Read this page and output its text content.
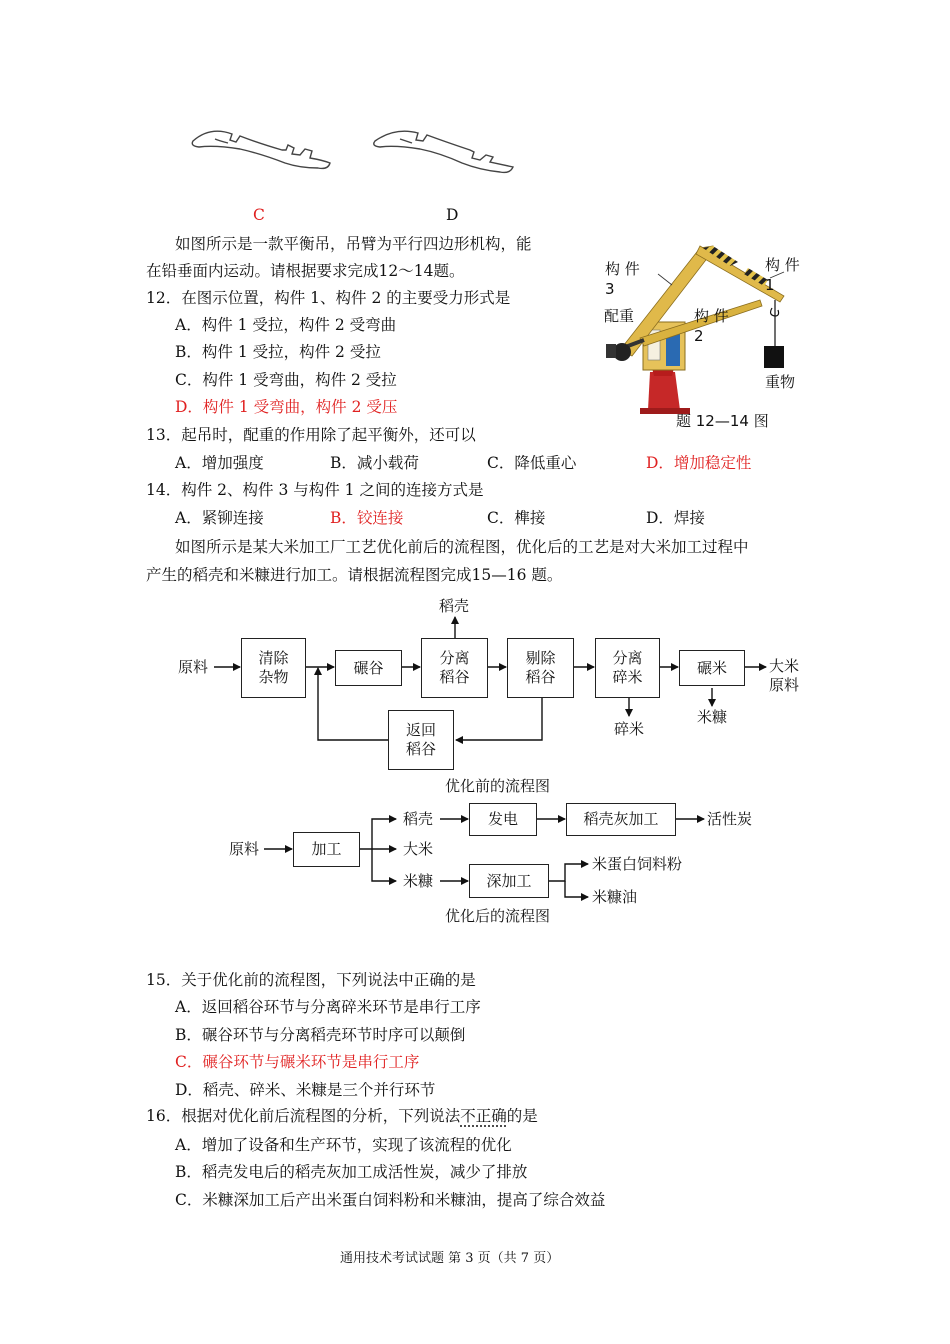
C	D
如图所示是一款平衡吊，吊臂为平行四边形机构，能
在铅垂面内运动。请根据要求完成12～14题。
12．在图示位置，构件 1、构件 2 的主要受力形式是
A．构件 1 受拉，构件 2 受弯曲
B．构件 1 受拉，构件 2 受拉
C．构件 1 受弯曲，构件 2 受拉
D．构件 1 受弯曲，构件 2 受压
构 件
1
构 件
3
构 件
2
配重
重物
题 12—14 图
13．起吊时，配重的作用除了起平衡外，还可以
A．增加强度	B．减小载荷	C．降低重心	D．增加稳定性
14．构件 2、构件 3 与构件 1 之间的连接方式是
A．紧铆连接	B．铰连接	C．榫接	D．焊接
如图所示是某大米加工厂工艺优化前后的流程图，优化后的工艺是对大米加工过程中
产生的稻壳和米糠进行加工。请根据流程图完成15—16 题。
原料	清除
杂物
碾谷
分离
稻谷
剔除
稻谷
分离
碎米
碾米
返回
稻谷
稻壳
碎米
米糠
大米
原料
优化前的流程图
原料	加工
稻壳
大米
米糠
发电	稻壳灰加工	活性炭
深加工
米蛋白饲料粉
米糠油
优化后的流程图
15．关于优化前的流程图，下列说法中正确的是
A．返回稻谷环节与分离碎米环节是串行工序
B．碾谷环节与分离稻壳环节时序可以颠倒
C．碾谷环节与碾米环节是串行工序
D．稻壳、碎米、米糠是三个并行环节
16．根据对优化前后流程图的分析，下列说法不正确的是
A．增加了设备和生产环节，实现了该流程的优化
B．稻壳发电后的稻壳灰加工成活性炭，减少了排放
C．米糠深加工后产出米蛋白饲料粉和米糠油，提高了综合效益
通用技术考试试题 第 3 页（共 7 页）
